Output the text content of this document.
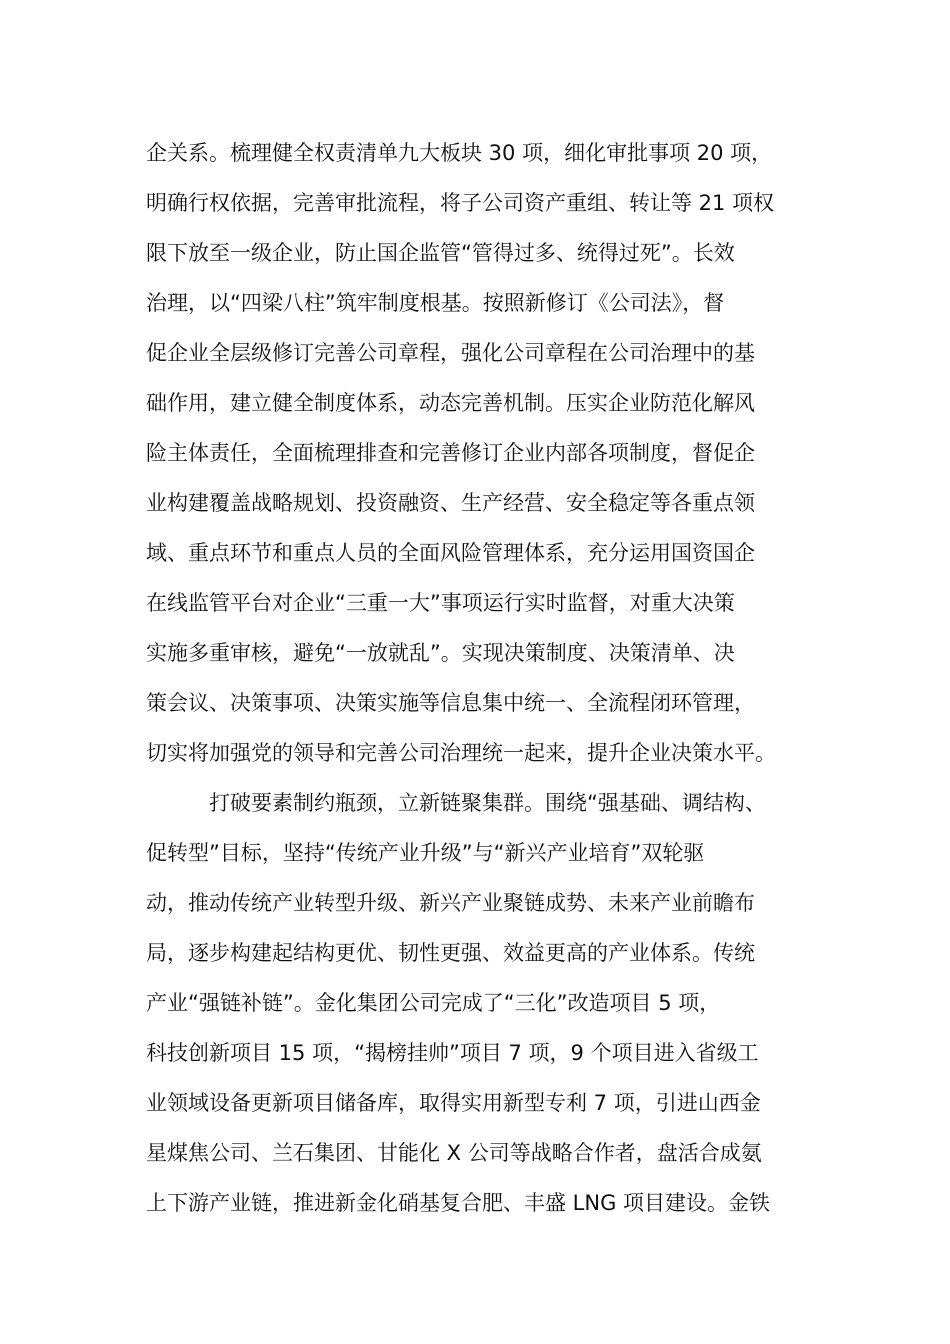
企关系。梳理健全权责清单九大板块 30 项，细化审批事项 20 项，
明确行权依据，完善审批流程，将子公司资产重组、转让等 21 项权
限下放至一级企业，防止国企监管“管得过多、统得过死”。长效
治理，以“四梁八柱”筑牢制度根基。按照新修订《公司法》，督
促企业全层级修订完善公司章程，强化公司章程在公司治理中的基
础作用，建立健全制度体系，动态完善机制。压实企业防范化解风
险主体责任，全面梳理排查和完善修订企业内部各项制度，督促企
业构建覆盖战略规划、投资融资、生产经营、安全稳定等各重点领
域、重点环节和重点人员的全面风险管理体系，充分运用国资国企
在线监管平台对企业“三重一大”事项运行实时监督，对重大决策
实施多重审核，避免“一放就乱”。实现决策制度、决策清单、决
策会议、决策事项、决策实施等信息集中统一、全流程闭环管理，
切实将加强党的领导和完善公司治理统一起来，提升企业决策水平。
打破要素制约瓶颈，立新链聚集群。围绕“强基础、调结构、
促转型”目标，坚持“传统产业升级”与“新兴产业培育”双轮驱
动，推动传统产业转型升级、新兴产业聚链成势、未来产业前瞻布
局，逐步构建起结构更优、韧性更强、效益更高的产业体系。传统
产业“强链补链”。金化集团公司完成了“三化”改造项目 5 项，
科技创新项目 15 项，“揭榜挂帅”项目 7 项，9 个项目进入省级工
业领域设备更新项目储备库，取得实用新型专利 7 项，引进山西金
星煤焦公司、兰石集团、甘能化 X 公司等战略合作者，盘活合成氨
上下游产业链，推进新金化硝基复合肥、丰盛 LNG 项目建设。金铁
